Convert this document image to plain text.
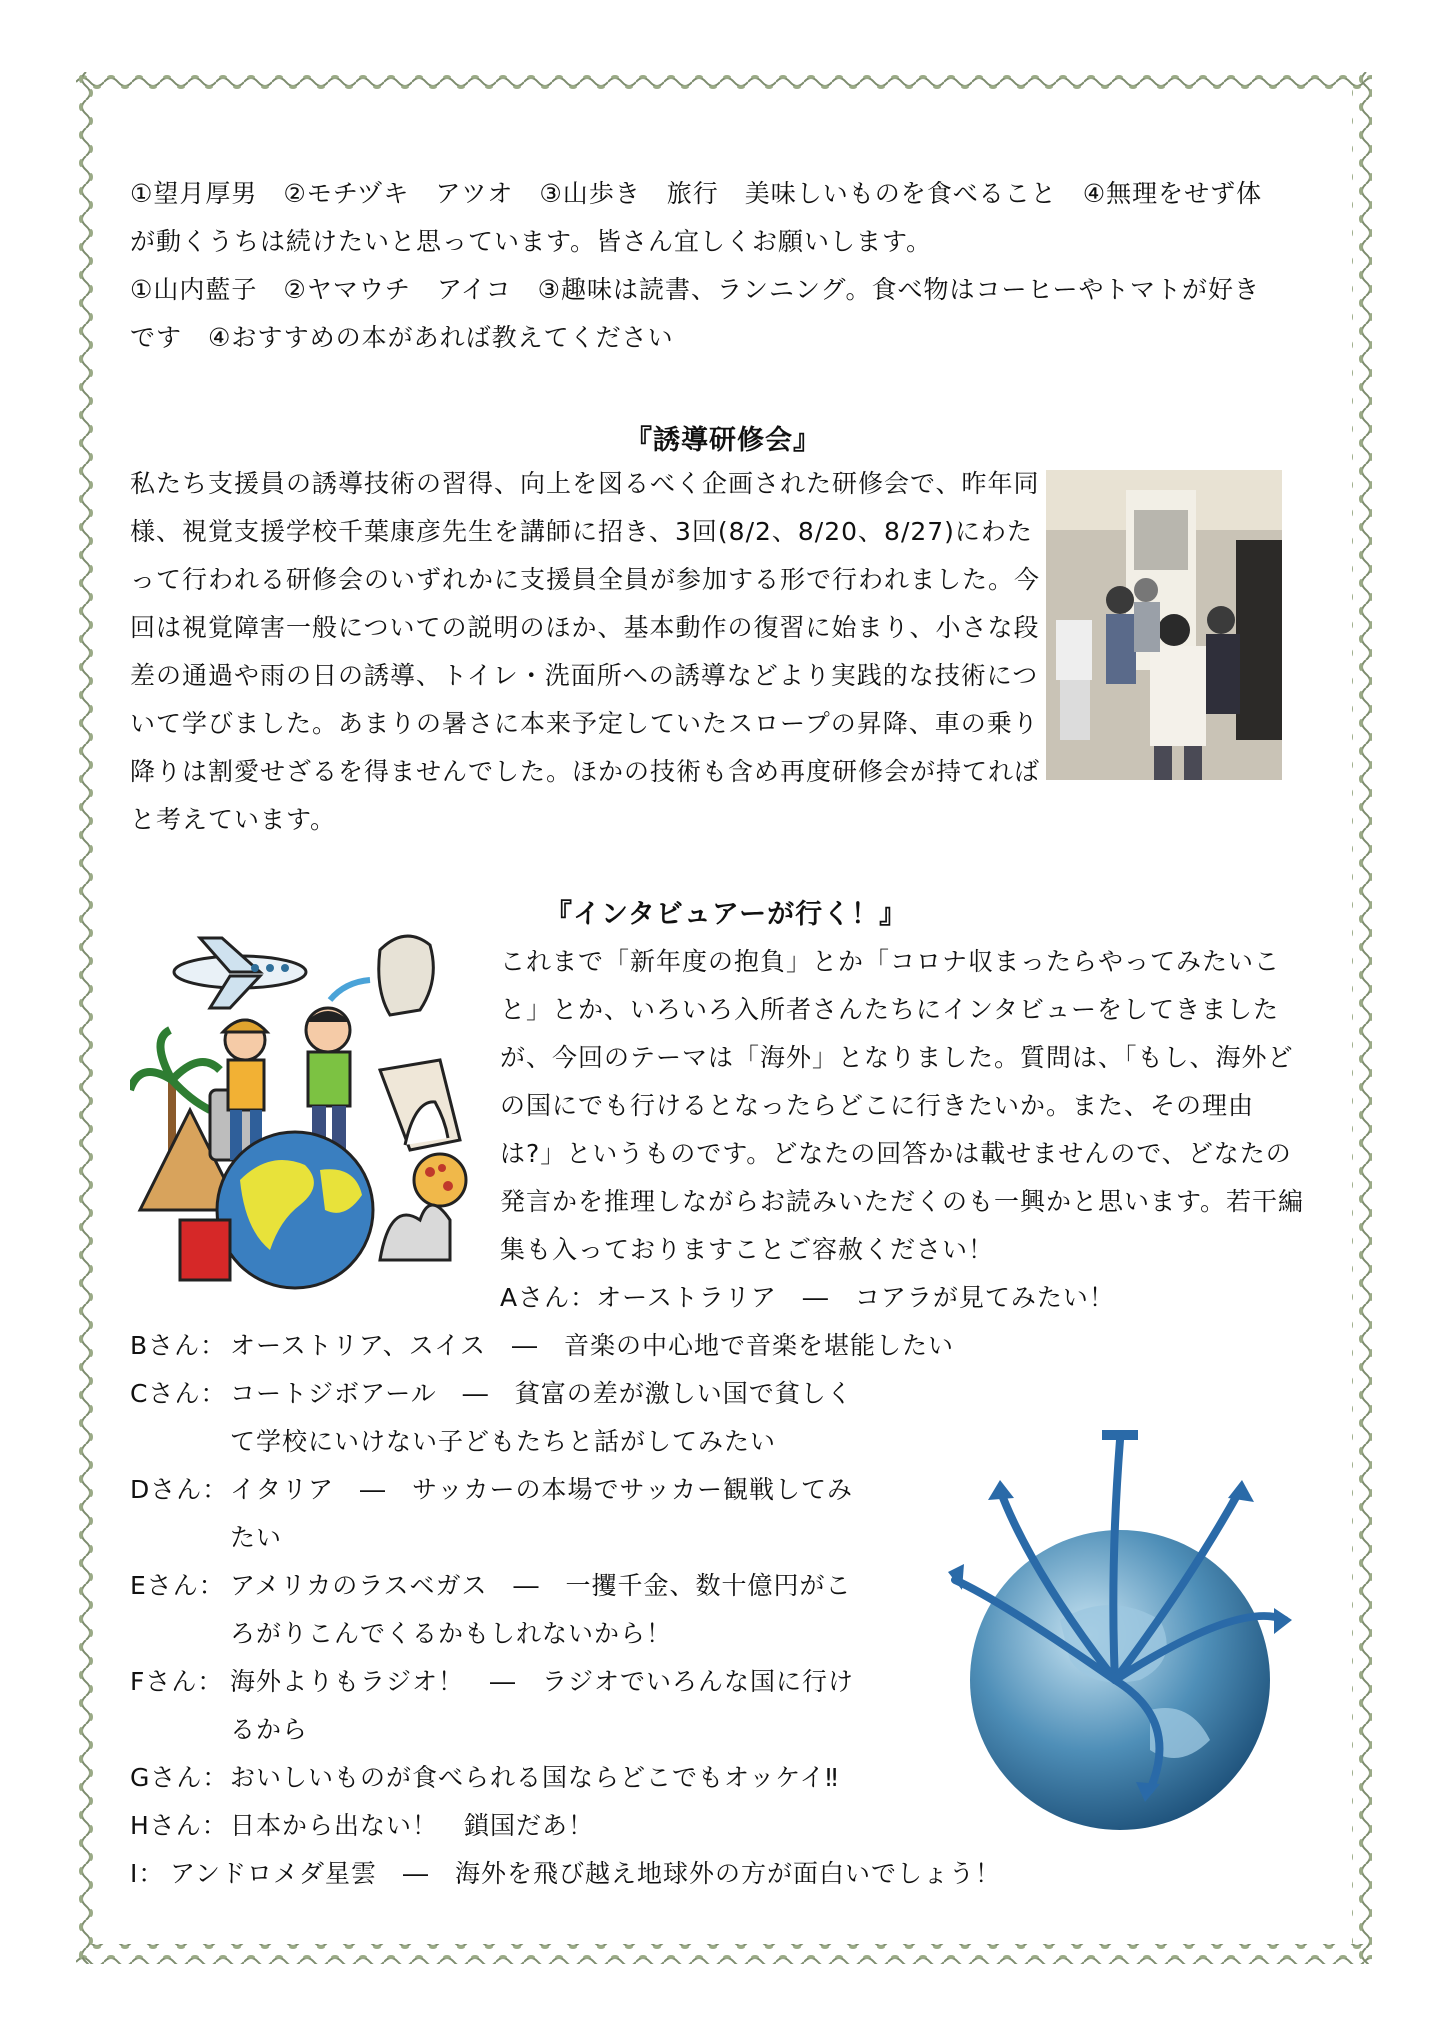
①望月厚男　②モチヅキ　アツオ　③山歩き　旅行　美味しいものを食べること　④無理をせず体
が動くうちは続けたいと思っています。皆さん宜しくお願いします。
①山内藍子　②ヤマウチ　アイコ　③趣味は読書、ランニング。食べ物はコーヒーやトマトが好き
です　④おすすめの本があれば教えてください
『誘導研修会』
私たち支援員の誘導技術の習得、向上を図るべく企画された研修会で、昨年同
様、視覚支援学校千葉康彦先生を講師に招き、3回(8/2、8/20、8/27)にわた
って行われる研修会のいずれかに支援員全員が参加する形で行われました。今
回は視覚障害一般についての説明のほか、基本動作の復習に始まり、小さな段
差の通過や雨の日の誘導、トイレ・洗面所への誘導などより実践的な技術につ
いて学びました。あまりの暑さに本来予定していたスロープの昇降、車の乗り
降りは割愛せざるを得ませんでした。ほかの技術も含め再度研修会が持てれば
と考えています。
『インタビュアーが行く！』
これまで「新年度の抱負」とか「コロナ収まったらやってみたいこ
と」とか、いろいろ入所者さんたちにインタビューをしてきました
が、今回のテーマは「海外」となりました。質問は、「もし、海外ど
の国にでも行けるとなったらどこに行きたいか。また、その理由
は?」というものです。どなたの回答かは載せませんので、どなたの
発言かを推理しながらお読みいただくのも一興かと思います。若干編
集も入っておりますことご容赦ください！
Aさん：オーストラリア　―　コアラが見てみたい！
Bさん： オーストリア、スイス　―　音楽の中心地で音楽を堪能したい
Cさん： コートジボアール　―　貧富の差が激しい国で貧しく
て学校にいけない子どもたちと話がしてみたい
Dさん：イタリア　―　サッカーの本場でサッカー観戦してみ
たい
Eさん： アメリカのラスベガス　―　一攫千金、数十億円がこ
ろがりこんでくるかもしれないから！
Fさん： 海外よりもラジオ！　―　ラジオでいろんな国に行け
るから
Gさん：おいしいものが食べられる国ならどこでもオッケイ‼
Hさん：日本から出ない！　鎖国だあ！
I： アンドロメダ星雲　―　海外を飛び越え地球外の方が面白いでしょう！
